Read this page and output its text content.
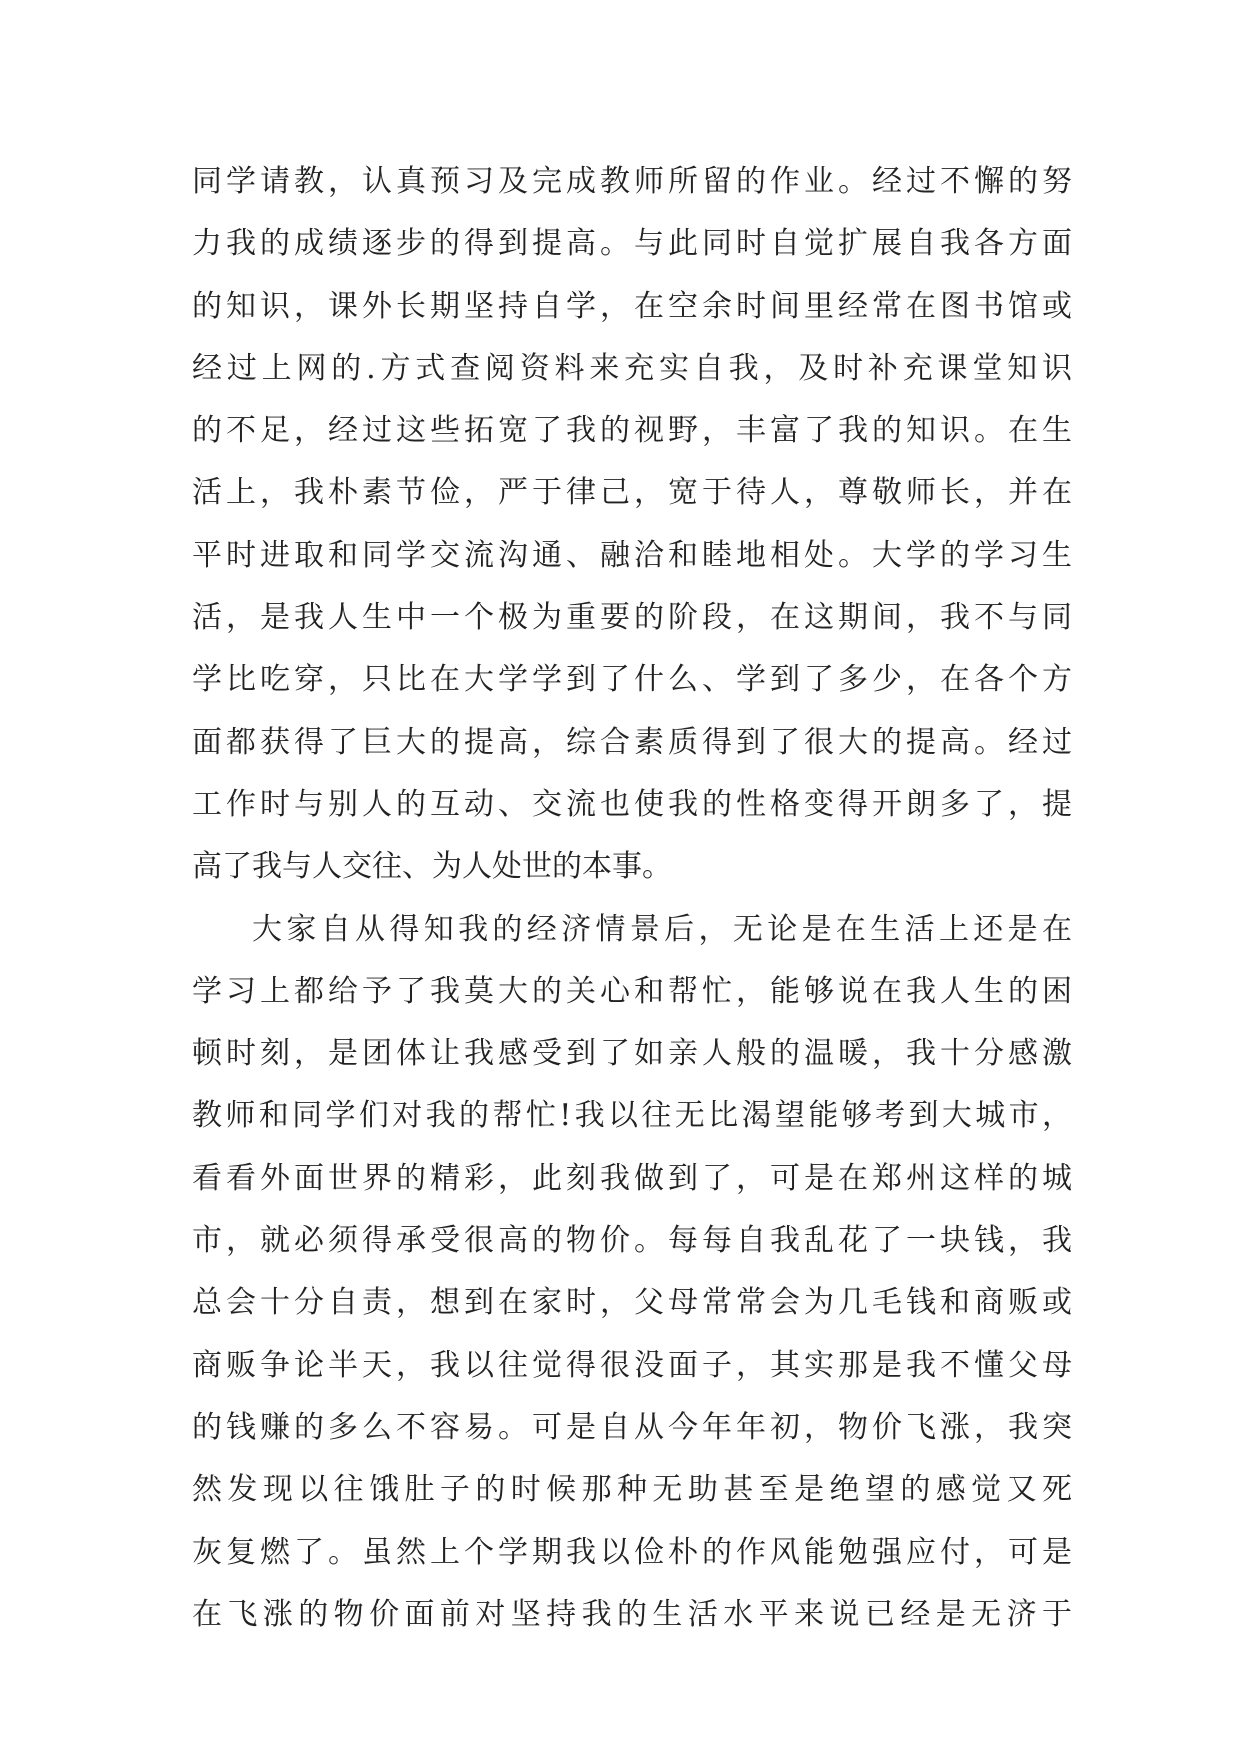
同学请教，认真预习及完成教师所留的作业。经过不懈的努
力我的成绩逐步的得到提高。与此同时自觉扩展自我各方面
的知识，课外长期坚持自学，在空余时间里经常在图书馆或
经过上网的.方式查阅资料来充实自我，及时补充课堂知识
的不足，经过这些拓宽了我的视野，丰富了我的知识。在生
活上，我朴素节俭，严于律己，宽于待人，尊敬师长，并在
平时进取和同学交流沟通、融洽和睦地相处。大学的学习生
活，是我人生中一个极为重要的阶段，在这期间，我不与同
学比吃穿，只比在大学学到了什么、学到了多少，在各个方
面都获得了巨大的提高，综合素质得到了很大的提高。经过
工作时与别人的互动、交流也使我的性格变得开朗多了，提
高了我与人交往、为人处世的本事。
大家自从得知我的经济情景后，无论是在生活上还是在
学习上都给予了我莫大的关心和帮忙，能够说在我人生的困
顿时刻，是团体让我感受到了如亲人般的温暖，我十分感激
教师和同学们对我的帮忙!我以往无比渴望能够考到大城市，
看看外面世界的精彩，此刻我做到了，可是在郑州这样的城
市，就必须得承受很高的物价。每每自我乱花了一块钱，我
总会十分自责，想到在家时，父母常常会为几毛钱和商贩或
商贩争论半天，我以往觉得很没面子，其实那是我不懂父母
的钱赚的多么不容易。可是自从今年年初，物价飞涨，我突
然发现以往饿肚子的时候那种无助甚至是绝望的感觉又死
灰复燃了。虽然上个学期我以俭朴的作风能勉强应付，可是
在飞涨的物价面前对坚持我的生活水平来说已经是无济于
